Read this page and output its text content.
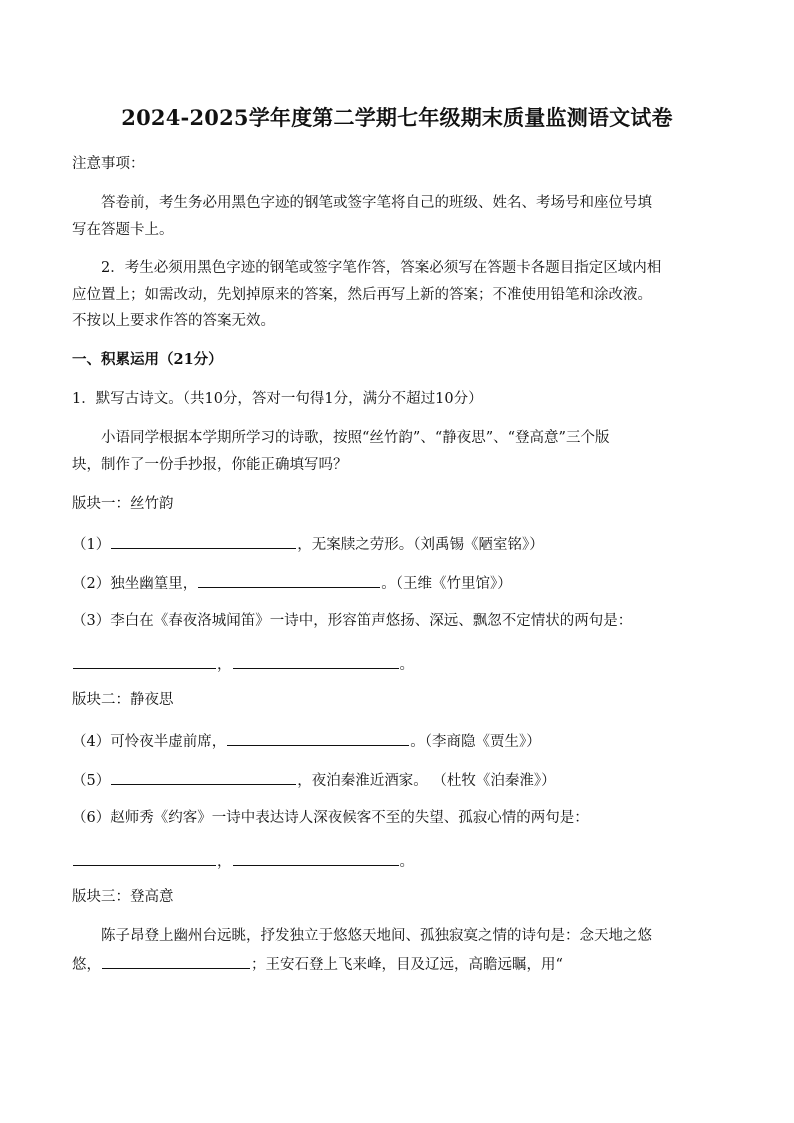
2024-2025学年度第二学期七年级期末质量监测语文试卷
注意事项：
答卷前，考生务必用黑色字迹的钢笔或签字笔将自己的班级、姓名、考场号和座位号填
写在答题卡上。
2．考生必须用黑色字迹的钢笔或签字笔作答，答案必须写在答题卡各题目指定区域内相
应位置上；如需改动，先划掉原来的答案，然后再写上新的答案；不准使用铅笔和涂改液。
不按以上要求作答的答案无效。
一、积累运用（21分）
1．默写古诗文。（共10分，答对一句得1分，满分不超过10分）
小语同学根据本学期所学习的诗歌，按照“丝竹韵”、“静夜思”、“登高意”三个版
块，制作了一份手抄报，你能正确填写吗？
版块一：丝竹韵
（1）	，无案牍之劳形。（刘禹锡《陋室铭》）
（2）独坐幽篁里，	。（王维《竹里馆》）
（3）李白在《春夜洛城闻笛》一诗中，形容笛声悠扬、深远、飘忽不定情状的两句是：
，	。
版块二：静夜思
（4）可怜夜半虚前席，	。（李商隐《贾生》）
（5）	，夜泊秦淮近酒家。 （杜牧《泊秦淮》）
（6）赵师秀《约客》一诗中表达诗人深夜候客不至的失望、孤寂心情的两句是：
，	。
版块三：登高意
陈子昂登上幽州台远眺，抒发独立于悠悠天地间、孤独寂寞之情的诗句是：念天地之悠
悠，	；王安石登上飞来峰，目及辽远，高瞻远瞩，用“
